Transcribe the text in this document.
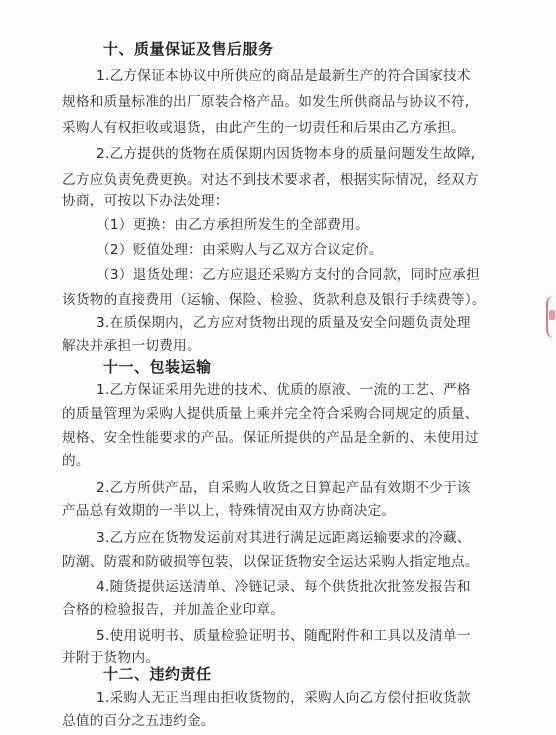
十、质量保证及售后服务
1.乙方保证本协议中所供应的商品是最新生产的符合国家技术
规格和质量标准的出厂原装合格产品。如发生所供商品与协议不符,
采购人有权拒收或退货，由此产生的一切责任和后果由乙方承担。
2.乙方提供的货物在质保期内因货物本身的质量问题发生故障,
乙方应负责免费更换。对达不到技术要求者，根据实际情况，经双方
协商，可按以下办法处理：
（1）更换：由乙方承担所发生的全部费用。
（2）贬值处理：由采购人与乙双方合议定价。
（3）退货处理：乙方应退还采购方支付的合同款，同时应承担
该货物的直接费用（运输、保险、检验、货款利息及银行手续费等）。
3.在质保期内，乙方应对货物出现的质量及安全问题负责处理
解决并承担一切费用。
十一、包装运输
1.乙方保证采用先进的技术、优质的原液、一流的工艺、严格
的质量管理为采购人提供质量上乘并完全符合采购合同规定的质量、
规格、安全性能要求的产品。保证所提供的产品是全新的、未使用过
的。
2.乙方所供产品，自采购人收货之日算起产品有效期不少于该
产品总有效期的一半以上，特殊情况由双方协商决定。
3.乙方应在货物发运前对其进行满足远距离运输要求的冷藏、
防潮、防震和防破损等包装，以保证货物安全运达采购人指定地点。
4.随货提供运送清单、冷链记录、每个供货批次批签发报告和
合格的检验报告，并加盖企业印章。
5.使用说明书、质量检验证明书、随配附件和工具以及清单一
并附于货物内。
十二、违约责任
1.采购人无正当理由拒收货物的，采购人向乙方偿付拒收货款
总值的百分之五违约金。
